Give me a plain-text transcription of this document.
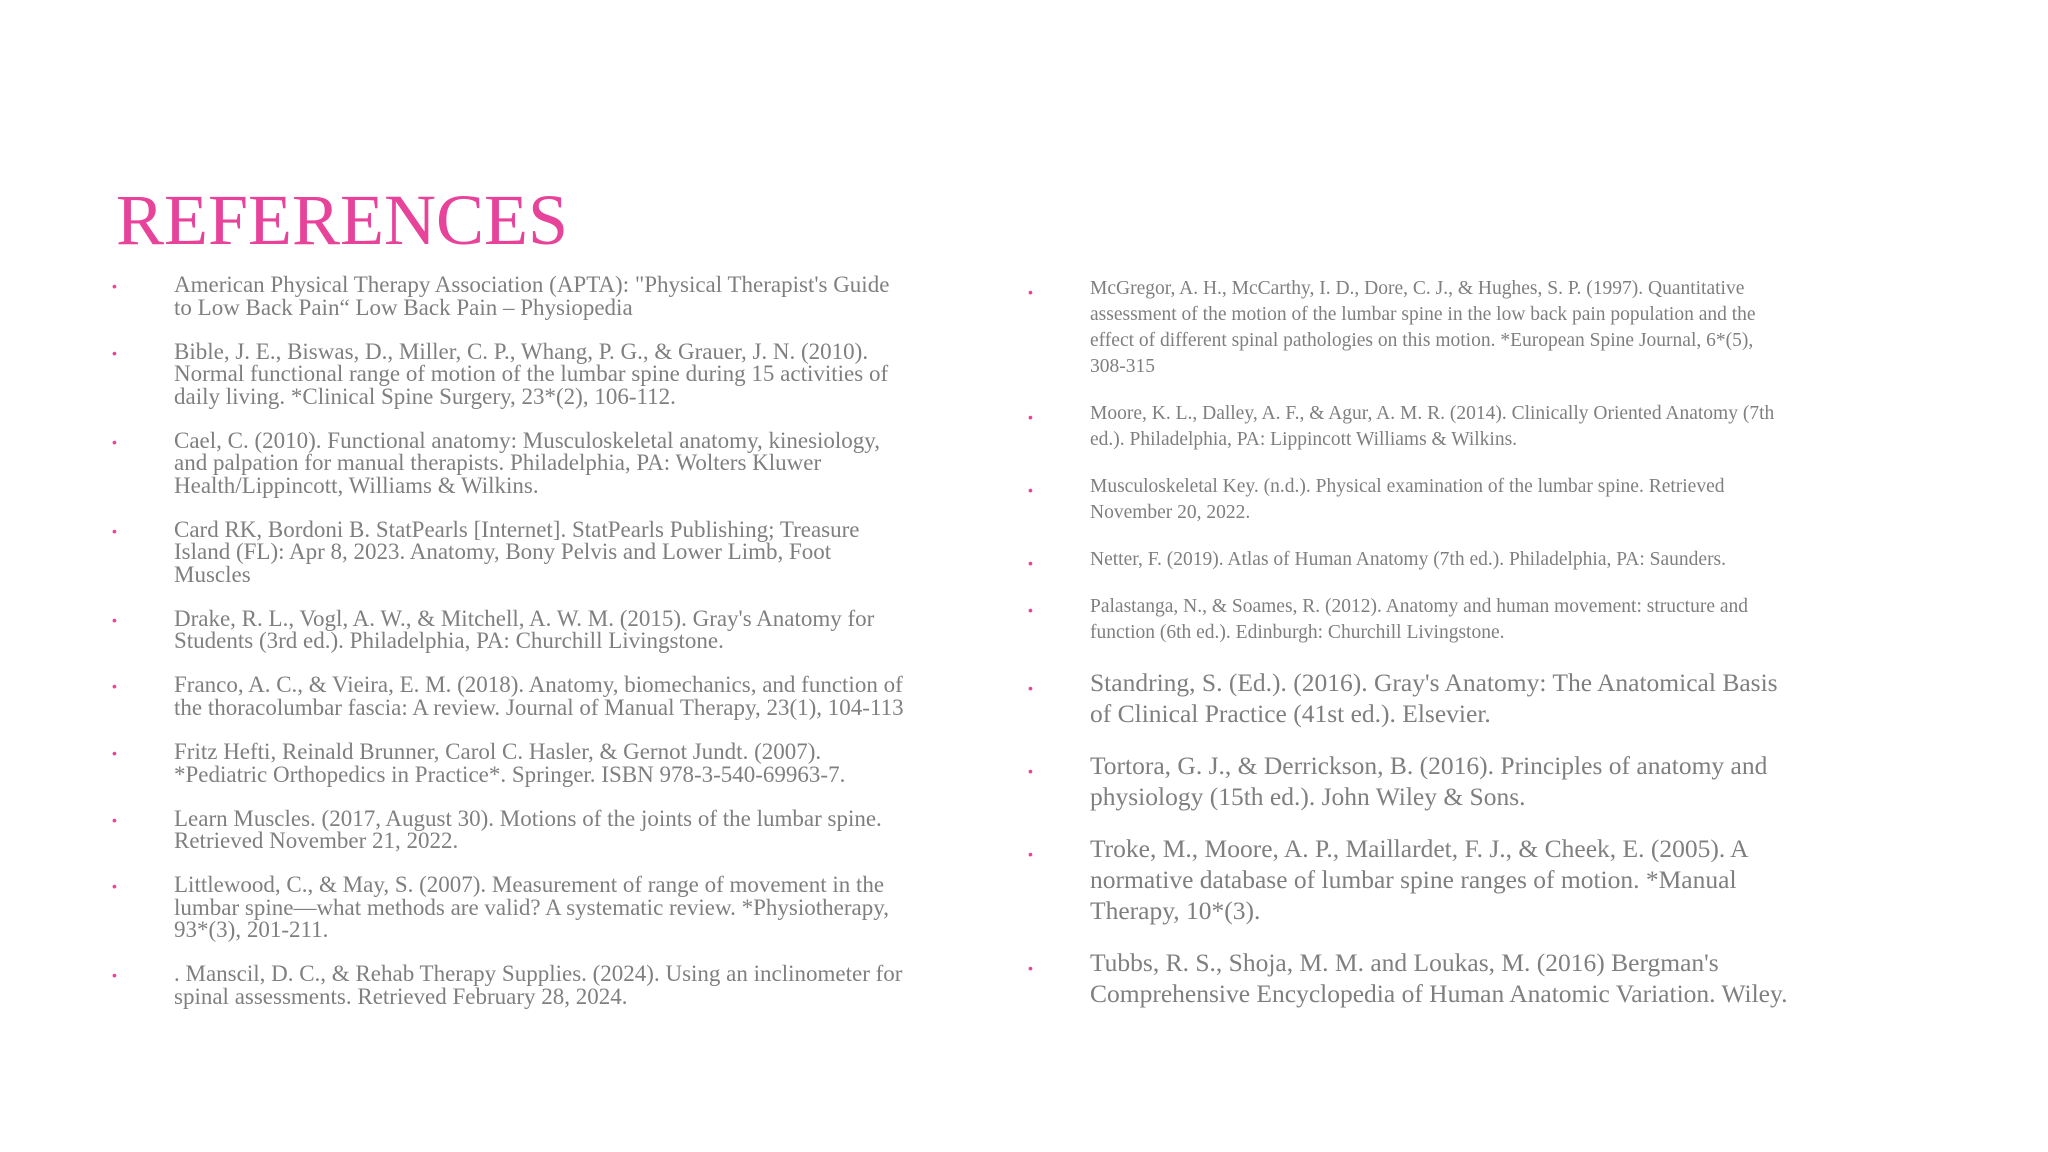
REFERENCES
• American Physical Therapy Association (APTA): "Physical Therapist's Guide to Low Back Pain“ Low Back Pain – Physiopedia
• Bible, J. E., Biswas, D., Miller, C. P., Whang, P. G., & Grauer, J. N. (2010). Normal functional range of motion of the lumbar spine during 15 activities of daily living. *Clinical Spine Surgery, 23*(2), 106-112.
• Cael, C. (2010). Functional anatomy: Musculoskeletal anatomy, kinesiology, and palpation for manual therapists. Philadelphia, PA: Wolters Kluwer Health/Lippincott, Williams & Wilkins.
• Card RK, Bordoni B. StatPearls [Internet]. StatPearls Publishing; Treasure Island (FL): Apr 8, 2023. Anatomy, Bony Pelvis and Lower Limb, Foot Muscles
• Drake, R. L., Vogl, A. W., & Mitchell, A. W. M. (2015). Gray's Anatomy for Students (3rd ed.). Philadelphia, PA: Churchill Livingstone.
• Franco, A. C., & Vieira, E. M. (2018). Anatomy, biomechanics, and function of the thoracolumbar fascia: A review. Journal of Manual Therapy, 23(1), 104-113
• Fritz Hefti, Reinald Brunner, Carol C. Hasler, & Gernot Jundt. (2007). *Pediatric Orthopedics in Practice*. Springer. ISBN 978-3-540-69963-7.
• Learn Muscles. (2017, August 30). Motions of the joints of the lumbar spine. Retrieved November 21, 2022.
• Littlewood, C., & May, S. (2007). Measurement of range of movement in the lumbar spine—what methods are valid? A systematic review. *Physiotherapy, 93*(3), 201-211.
• . Manscil, D. C., & Rehab Therapy Supplies. (2024). Using an inclinometer for spinal assessments. Retrieved February 28, 2024.
•	McGregor, A. H., McCarthy, I. D., Dore, C. J., & Hughes, S. P. (1997). Quantitative assessment of the motion of the lumbar spine in the low back pain population and the effect of different spinal pathologies on this motion. *European Spine Journal, 6*(5), 308-315
•	Moore, K. L., Dalley, A. F., & Agur, A. M. R. (2014). Clinically Oriented Anatomy (7th ed.). Philadelphia, PA: Lippincott Williams & Wilkins.
•	Musculoskeletal Key. (n.d.). Physical examination of the lumbar spine. Retrieved November 20, 2022.
•	Netter, F. (2019). Atlas of Human Anatomy (7th ed.). Philadelphia, PA: Saunders.
•	Palastanga, N., & Soames, R. (2012). Anatomy and human movement: structure and function (6th ed.). Edinburgh: Churchill Livingstone.
• Standring, S. (Ed.). (2016). Gray's Anatomy: The Anatomical Basis of Clinical Practice (41st ed.). Elsevier.
• Tortora, G. J., & Derrickson, B. (2016). Principles of anatomy and physiology (15th ed.). John Wiley & Sons.
• Troke, M., Moore, A. P., Maillardet, F. J., & Cheek, E. (2005). A normative database of lumbar spine ranges of motion. *Manual Therapy, 10*(3).
• Tubbs, R. S., Shoja, M. M. and Loukas, M. (2016) Bergman's Comprehensive Encyclopedia of Human Anatomic Variation. Wiley.
